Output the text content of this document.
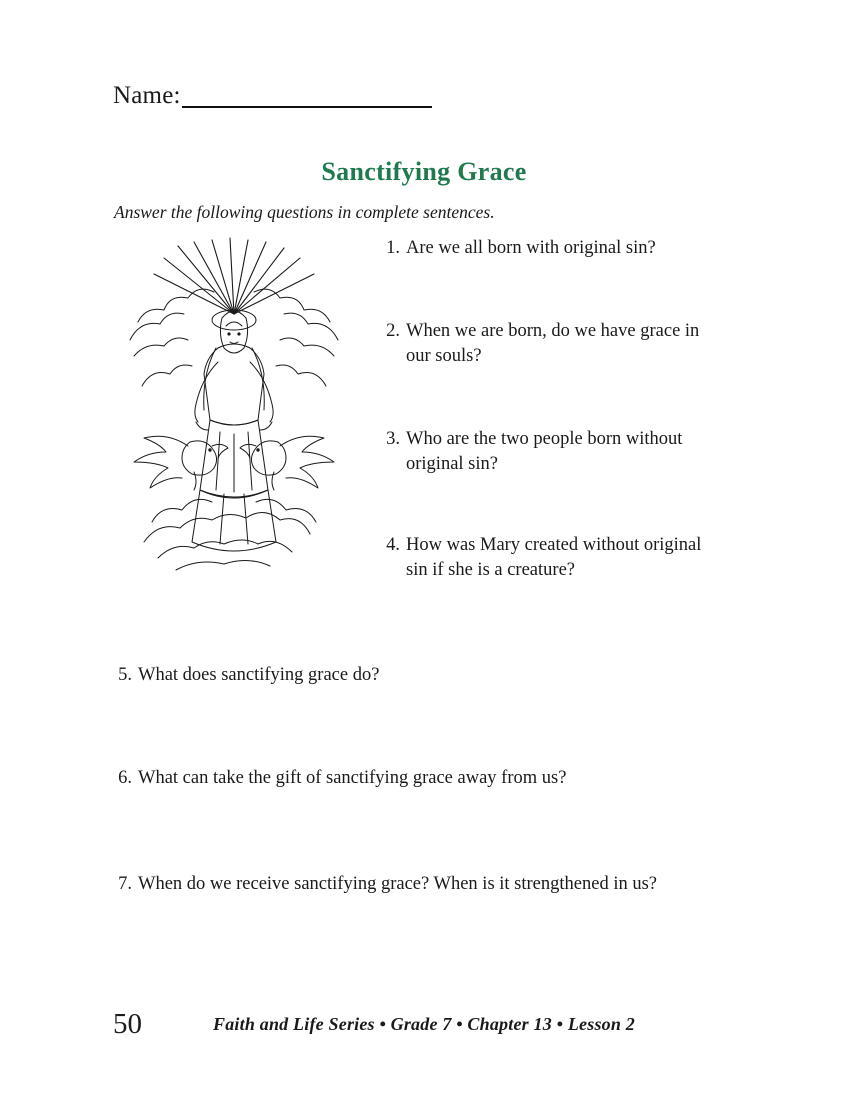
Name:
Sanctifying Grace
Answer the following questions in complete sentences.
1. Are we all born with original sin?
2. When we are born, do we have grace in our souls?
3. Who are the two people born without original sin?
4. How was Mary created without original sin if she is a creature?
5. What does sanctifying grace do?
6. What can take the gift of sanctifying grace away from us?
7. When do we receive sanctifying grace? When is it strengthened in us?
50	Faith and Life Series • Grade 7 • Chapter 13 • Lesson 2
